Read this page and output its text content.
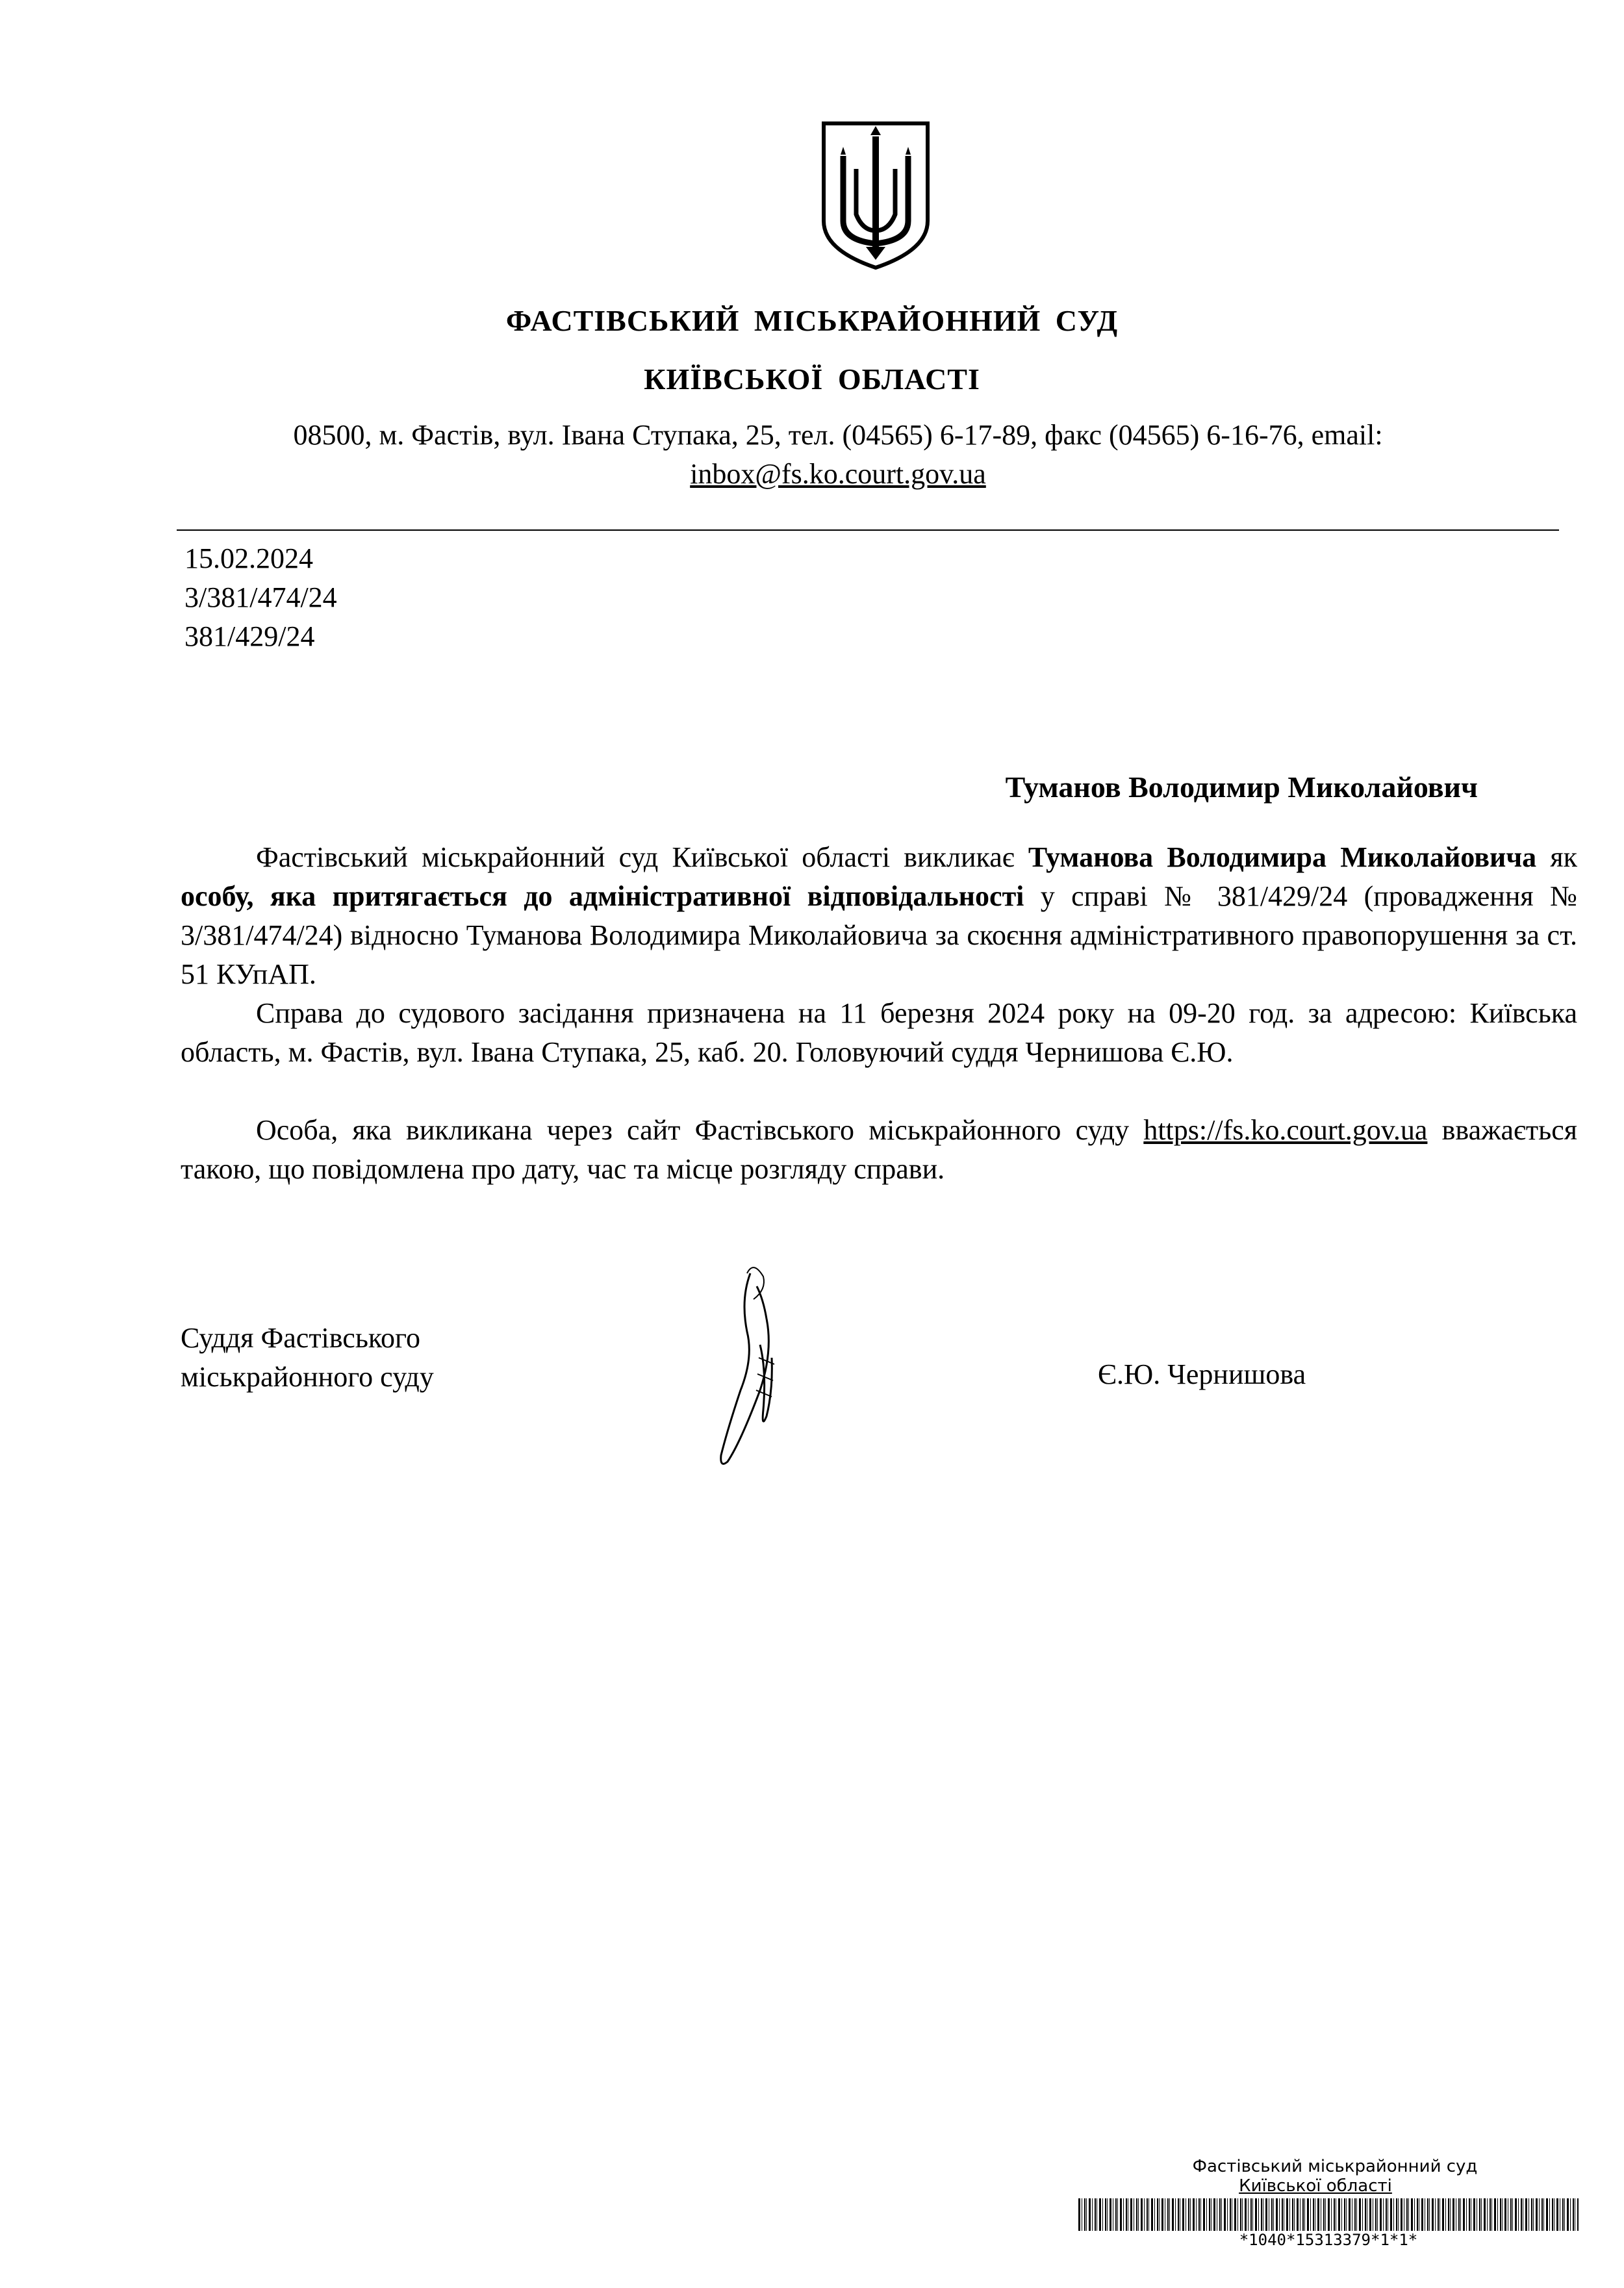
ФАСТІВСЬКИЙ МІСЬКРАЙОННИЙ СУД
КИЇВСЬКОЇ ОБЛАСТІ
08500, м. Фастів, вул. Івана Ступака, 25, тел. (04565) 6-17-89, факс (04565) 6-16-76, email:
inbox@fs.ko.court.gov.ua
15.02.2024
3/381/474/24
381/429/24
Туманов Володимир Миколайович

Фастівський міськрайонний суд Київської області викликає Туманова Володимира Миколайовича як особу, яка притягається до адміністративної відповідальності у справі № 381/429/24 (провадження № 3/381/474/24) відносно Туманова Володимира Миколайовича за скоєння адміністративного правопорушення за ст. 51 КУпАП.

Справа до судового засідання призначена на 11 березня 2024 року на 09-20 год. за адресою: Київська область, м. Фастів, вул. Івана Ступака, 25, каб. 20. Головуючий суддя Чернишова Є.Ю.

Особа, яка викликана через сайт Фастівського міськрайонного суду https://fs.ko.court.gov.ua вважається такою, що повідомлена про дату, час та місце розгляду справи.

Суддя Фастівського
міськрайонного суду	Є.Ю. Чернишова
Фастівський міськрайонний суд
Київської області
*1040*15313379*1*1*
